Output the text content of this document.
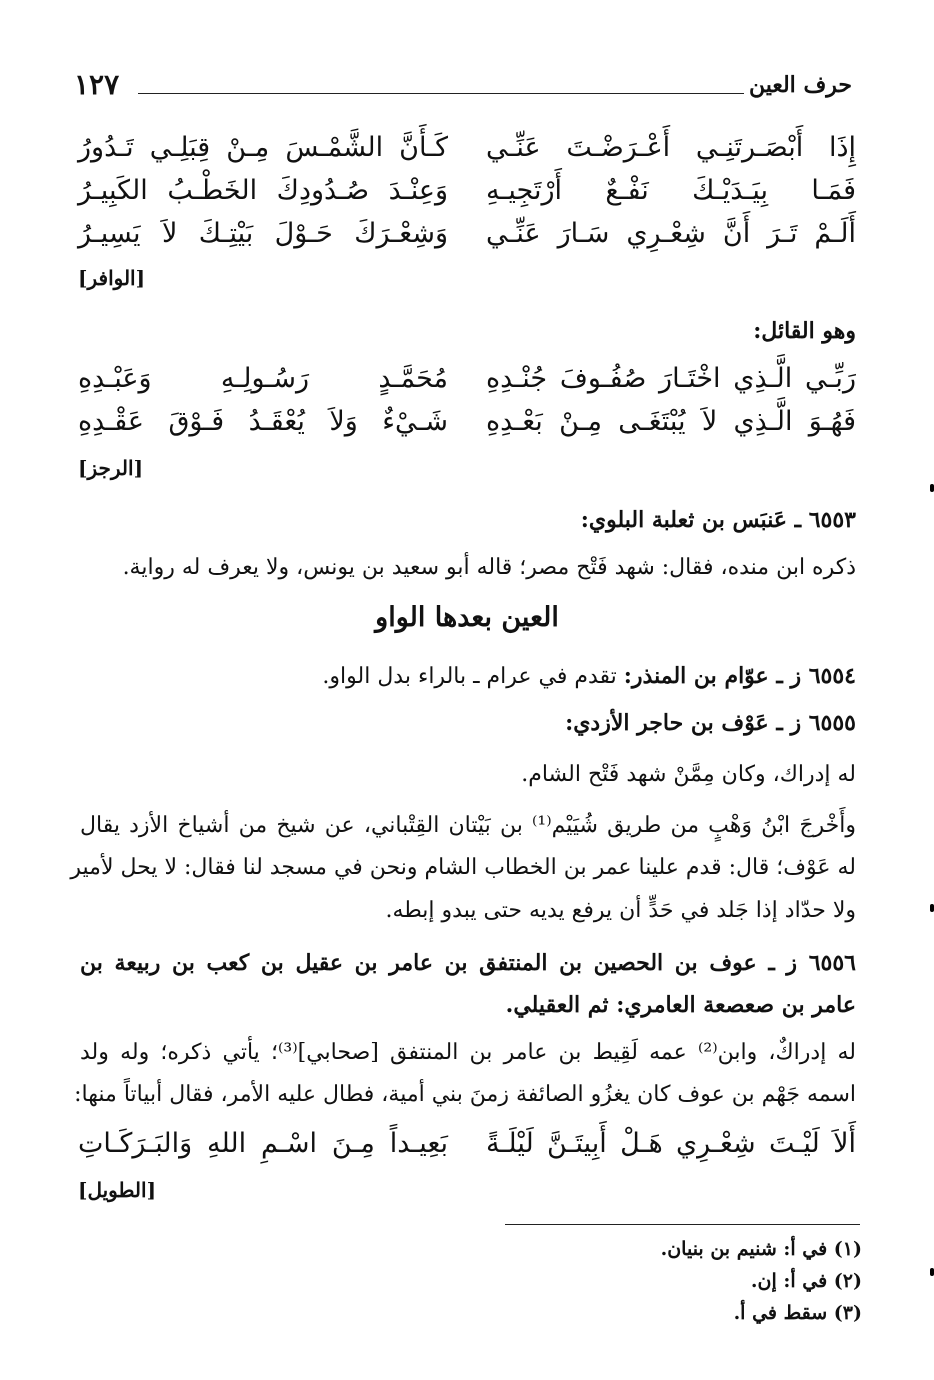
حرف العين
١٢٧
إِذَا أَبْصَـرتَنِـي أَعْـرَضْـتَ عَنِّـي
كَـأَنَّ الشَّمْـسَ مِـنْ قِبَلِـي تَـدُورُ
فَمَـا بِيَـدَيْـكَ نَفْـعٌ أَرْتَجِيـهِ
وَعِنْـدَ صُـدُودِكَ الخَطْـبُ الكَبِيـرُ
أَلَـمْ تَـرَ أَنَّ شِعْـرِي سَـارَ عَنِّـي
وَشِعْـرَكَ حَـوْلَ بَيْتِـكَ لاَ يَسِيـرُ
[الوافر]
وهو القائل:
رَبِّـي الَّـذِي اخْتَـارَ صُفُـوفَ جُنْـدِهِ
مُحَمَّـدٍ رَسُـولِـهِ وَعَبْـدِهِ
فَهُـوَ الَّـذِي لاَ يُبْتَغَـى مِـنْ بَعْـدِهِ
شَـيْءٌ وَلاَ يُعْقَـدُ فَـوْقَ عَقْـدِهِ
[الرجز]
٦٥٥٣ ـ عَنبَس بن ثعلبة البلوي:
ذكره ابن منده، فقال: شهد فَتْح مصر؛ قاله أبو سعيد بن يونس، ولا يعرف له رواية.
العين بعدها الواو
٦٥٥٤ ز ـ عوّام بن المنذر: تقدم في عرام ـ بالراء بدل الواو.
٦٥٥٥ ز ـ عَوْف بن حاجر الأزدي:
له إدراك، وكان مِمَّنْ شهد فَتْح الشام.
وأَخْرجَ ابْنُ وَهْبٍ من طريق شُيَيْم⁽¹⁾ بن بَيْتان القِتْباني، عن شيخ من أشياخ الأزد يقال
له عَوْف؛ قال: قدم علينا عمر بن الخطاب الشام ونحن في مسجد لنا فقال: لا يحل لأمير
ولا حدّاد إذا جَلد في حَدٍّ أن يرفع يديه حتى يبدو إبطه.
٦٥٥٦ ز ـ عوف بن الحصين بن المنتفق بن عامر بن عقيل بن كعب بن ربيعة بن
عامر بن صعصعة العامري: ثم العقيلي.
له إدراكٌ، وابن⁽²⁾ عمه لَقِيط بن عامر بن المنتفق [صحابي]⁽³⁾؛ يأتي ذكره؛ وله ولد
اسمه جَهْم بن عوف كان يغزُو الصائفة زمنَ بني أمية، فطال عليه الأمر، فقال أبياتاً منها:
أَلاَ لَيْـتَ شِعْـرِي هَـلْ أَبِيتَـنَّ لَيْلَـةً
بَعِيـداً مِـنَ اسْـمِ اللهِ وَالبَـرَكَـاتِ
[الطويل]
(١) في أ: شنيم بن بنيان.
(٢) في أ: إن.
(٣) سقط في أ.
